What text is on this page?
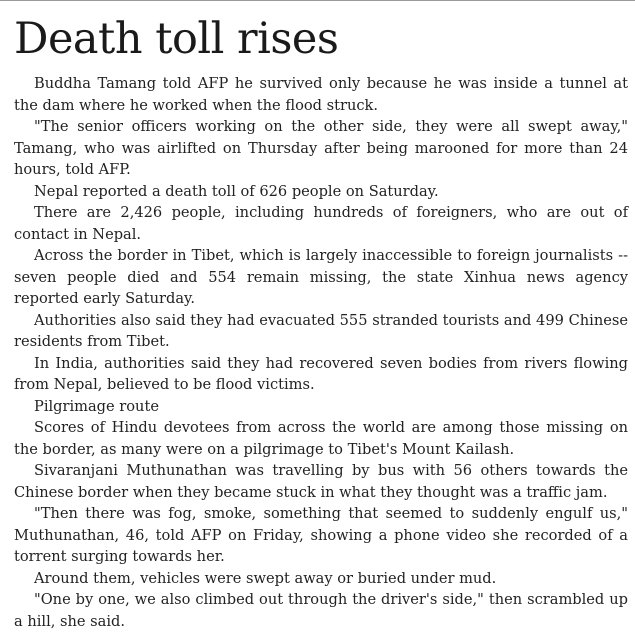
Death toll rises

Buddha Tamang told AFP he survived only because he was inside a tunnel at the dam where he worked when the flood struck.

"The senior officers working on the other side, they were all swept away," Tamang, who was airlifted on Thursday after being marooned for more than 24 hours, told AFP.

Nepal reported a death toll of 626 people on Saturday.

There are 2,426 people, including hundreds of foreigners, who are out of contact in Nepal.

Across the border in Tibet, which is largely inaccessible to foreign journalists -- seven people died and 554 remain missing, the state Xinhua news agency reported early Saturday.

Authorities also said they had evacuated 555 stranded tourists and 499 Chinese residents from Tibet.

In India, authorities said they had recovered seven bodies from rivers flowing from Nepal, believed to be flood victims.

Pilgrimage route

Scores of Hindu devotees from across the world are among those missing on the border, as many were on a pilgrimage to Tibet's Mount Kailash.

Sivaranjani Muthunathan was travelling by bus with 56 others towards the Chinese border when they became stuck in what they thought was a traffic jam.

"Then there was fog, smoke, something that seemed to suddenly engulf us," Muthunathan, 46, told AFP on Friday, showing a phone video she recorded of a torrent surging towards her.

Around them, vehicles were swept away or buried under mud.

"One by one, we also climbed out through the driver's side," then scrambled up a hill, she said.
